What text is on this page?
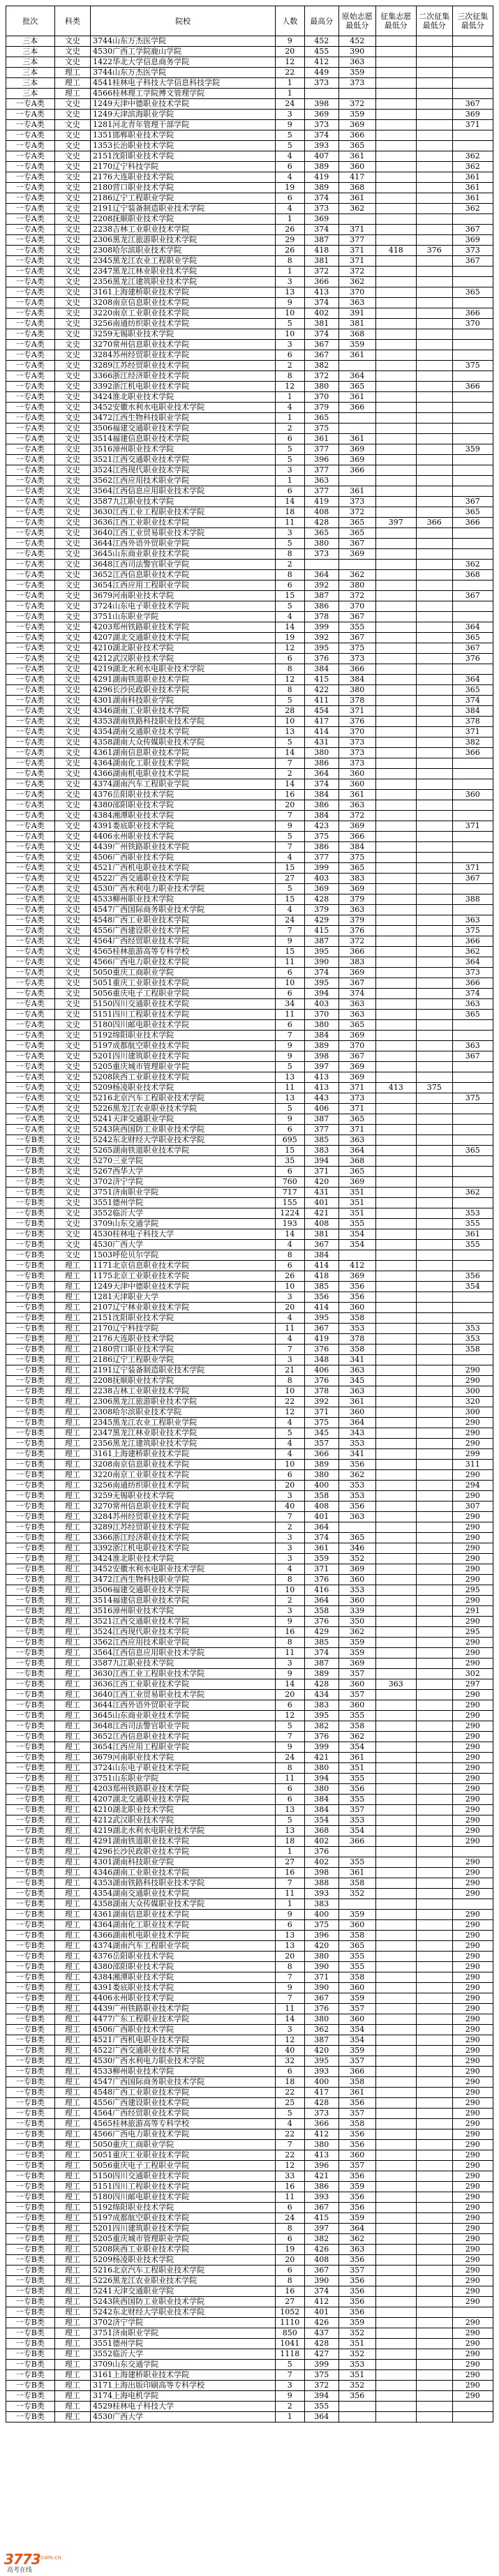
批次	科类	院校	人数	最高分	原始志愿最低分	征集志愿最低分	二次征集最低分	三次征集最低分
三本	文史	3744山东万杰医学院	9	452	452			
三本	文史	4530广西工学院鹿山学院	20	455	390			
三本	文史	1422华北大学信息商务学院	12	412	363			
三本	理工	3744山东万杰医学院	22	449	359			
三本	理工	4541桂林电子科技大学信息科技学院	1	373	373			
三本	理工	4566桂林理工学院博文管理学院	1					
一专A类	文史	1249天津中德职业技术学院	24	398	372			367
一专A类	文史	1249天津滨海职业学院	3	369	359			369
一专A类	文史	1281河北青年管理干部学院	9	373	369			371
一专A类	文史	1351邯郸职业技术学院	5	374	366			
一专A类	文史	1353长治职业技术学院	5	393	365			
一专A类	文史	2151沈阳职业技术学院	4	407	361			362
一专A类	文史	2170辽宁科技学院	6	389	360			362
一专A类	文史	2176大连职业技术学院	4	419	417			361
一专A类	文史	2180营口职业技术学院	19	389	368			361
一专A类	文史	2186辽宁工程职业学院	6	374	361			361
一专A类	文史	2191辽宁装备制造职业技术学院	4	373	362			362
一专A类	文史	2208抚顺职业技术学院	1	369				
一专A类	文史	2238吉林工业职业技术学院	26	374	371			367
一专A类	文史	2306黑龙江旅游职业技术学院	29	387	377			369
一专A类	文史	2308哈尔滨职业技术学院	26	418	371	418	376	373
一专A类	文史	2345黑龙江农业工程职业学院	8	381	371			367
一专A类	文史	2347黑龙江林业职业技术学院	1	372	372			
一专A类	文史	2356黑龙江建筑职业技术学院	3	366	362			
一专A类	文史	3161上海建桥职业技术学院	13	413	370			365
一专A类	文史	3208南京信息职业技术学院	9	374	363			
一专A类	文史	3220南京工业职业技术学院	10	402	391			366
一专A类	文史	3256南通纺织职业技术学院	5	381	381			370
一专A类	文史	3259无锡职业技术学院	10	374	368			
一专A类	文史	3270常州信息职业技术学院	3	367	359			
一专A类	文史	3284苏州经贸职业技术学院	6	367	361			
一专A类	文史	3289江苏经贸职业技术学院	2	382				375
一专A类	文史	3366浙江经济职业技术学院	8	372	364			
一专A类	文史	3392浙江机电职业技术学院	12	380	365			366
一专A类	文史	3424淮北职业技术学院	1	370	361			
一专A类	文史	3452安徽水利水电职业技术学院	4	379	366			
一专A类	文史	3472江西生物科技职业学院	1	365				
一专A类	文史	3506福建交通职业技术学院	2	375				
一专A类	文史	3514福建信息职业技术学院	6	361	361			
一专A类	文史	3516漳州职业技术学院	5	377	369			359
一专A类	文史	3521江西交通职业技术学院	5	396	369			
一专A类	文史	3524江西现代职业技术学院	3	377	366			
一专A类	文史	3562江西应用技术职业学院	1	363				
一专A类	文史	3564江西信息应用职业技术学院	6	377	361			
一专A类	文史	3587九江职业技术学院	14	419	373			367
一专A类	文史	3630江西工业工程职业技术学院	18	408	372			365
一专A类	文史	3636江西工业职业技术学院	11	428	365	397	366	366
一专A类	文史	3640江西工业贸易职业技术学院	3	365	365			
一专A类	文史	3644江西外语外贸职业学院	5	380	367			
一专A类	文史	3645山东商业职业技术学院	8	373	369			
一专A类	文史	3648江西司法警官职业学院	2					362
一专A类	文史	3652江西信息职业技术学院	8	364	362			368
一专A类	文史	3654江西应用工程职业学院	6	392	380			
一专A类	文史	3679河南职业技术学院	15	387	372			367
一专A类	文史	3724山东电子职业技术学院	5	386	370			
一专A类	文史	3751山东职业学院	4	378	367			
一专A类	文史	4203郑州铁路职业技术学院	14	399	355			364
一专A类	文史	4207湖北交通职业技术学院	19	392	367			365
一专A类	文史	4210湖北职业技术学院	12	395	375			367
一专A类	文史	4212武汉职业技术学院	6	376	373			376
一专A类	文史	4219湖北水利水电职业技术学院	8	384	366			
一专A类	文史	4291湖南铁道职业技术学院	12	415	384			364
一专A类	文史	4296长沙民政职业技术学院	8	422	380			365
一专A类	文史	4301湖南科技职业学院	5	411	378			374
一专A类	文史	4346湖南工业职业技术学院	28	454	371			384
一专A类	文史	4353湖南铁路科技职业技术学院	10	417	376			378
一专A类	文史	4354湖南交通职业技术学院	13	414	370			371
一专A类	文史	4358湖南大众传媒职业技术学院	5	431	373			382
一专A类	文史	4361湖南信息职业技术学院	14	380	373			366
一专A类	文史	4364湖南化工职业技术学院	7	386	373			
一专A类	文史	4366湖南机电职业技术学院	2	364	360			
一专A类	文史	4374湖南汽车工程职业学院	14	374	360			
一专A类	文史	4376岳阳职业技术学院	16	384	361			360
一专A类	文史	4380邵阳职业技术学院	20	386	363			
一专A类	文史	4384湘潭职业技术学院	7	384	372			
一专A类	文史	4391娄底职业技术学院	9	423	369			371
一专A类	文史	4406永州职业技术学院	5	375	366			
一专A类	文史	4439广州铁路职业技术学院	7	386	384			
一专A类	文史	4506广西职业技术学院	4	377	375			
一专A类	文史	4521广西机电职业技术学院	15	399	365			371
一专A类	文史	4522广西交通职业技术学院	27	403	383			367
一专A类	文史	4530广西水利电力职业技术学院	5	369	369			
一专A类	文史	4533柳州职业技术学院	15	428	379			388
一专A类	文史	4547广西国际商务职业技术学院	4	379	363			
一专A类	文史	4548广西工业职业技术学院	24	429	379			363
一专A类	文史	4556广西建设职业技术学院	7	415	376			375
一专A类	文史	4564广西经贸职业技术学院	9	387	372			366
一专A类	文史	4565桂林旅游高等专科学校	15	395	366			362
一专A类	文史	4566广西电力职业技术学院	11	390	383			364
一专A类	文史	5050重庆工商职业学院	6	374	369			373
一专A类	文史	5051重庆工业职业技术学院	10	395	367			366
一专A类	文史	5056重庆电子工程职业学院	6	394	374			374
一专A类	文史	5150四川交通职业技术学院	34	403	363			363
一专A类	文史	5151四川工程职业技术学院	11	370	363			365
一专A类	文史	5180四川邮电职业技术学院	6	380	365			
一专A类	文史	5192绵阳职业技术学院	7	384	369			
一专A类	文史	5197成都航空职业技术学院	9	389	370			363
一专A类	文史	5201四川建筑职业技术学院	9	398	367			367
一专A类	文史	5205重庆城市管理职业学院	5	397	369			
一专A类	文史	5208陕西工业职业技术学院	13	413	369			
一专A类	文史	5209杨凌职业技术学院	11	413	371	413	375	
一专A类	文史	5216北京汽车工程职业技术学院	13	443	373			375
一专A类	文史	5226黑龙江农业职业技术学院	5	406	371			
一专A类	文史	5241天津交通职业学院	9	387	365			
一专A类	文史	5243陕西国防工业职业技术学院	6	377	371			
一专B类	文史	5242东北财经大学职业技术学院	695	385	363			
一专B类	文史	5265湖南铁道职业技术学院	15	383	364			365
一专B类	文史	5270三亚学院	35	394	368			
一专B类	文史	5267西华大学	6	371	365			
一专B类	文史	3702济宁学院	760	420	369			
一专B类	文史	3751济南职业学院	717	431	351			362
一专B类	文史	3551德州学院	155	401	351			
一专B类	文史	3552临沂大学	1224	421	351			353
一专B类	文史	3709山东交通学院	193	408	355			355
一专B类	文史	4530桂林电子科技大学	14	381	354			361
一专B类	文史	4530广西大学	4	367	354			355
一专B类	文史	1503呼伦贝尔学院	8	384				
一专B类	理工	1171北京信息职业技术学院	6	414	412			
一专B类	理工	1175北京工业职业技术学院	26	418	369			356
一专B类	理工	1249天津中德职业技术学院	10	385	356			354
一专B类	理工	1281天津职业大学	3	356	356			
一专B类	理工	2107辽宁林业职业技术学院	20	414	360			
一专B类	理工	2151沈阳职业技术学院	4	395	358			
一专B类	理工	2170辽宁科技学院	11	367	353			353
一专B类	理工	2176大连职业技术学院	4	419	378			353
一专B类	理工	2180营口职业技术学院	7	376	358			358
一专B类	理工	2186辽宁工程职业学院	3	348	341			
一专B类	理工	2191辽宁装备制造职业技术学院	21	406	363			290
一专B类	理工	2208抚顺职业技术学院	8	376	345			290
一专B类	理工	2238吉林工业职业技术学院	10	378	363			300
一专B类	理工	2306黑龙江旅游职业技术学院	22	392	361			320
一专B类	理工	2308哈尔滨职业技术学院	12	371	360			300
一专B类	理工	2345黑龙江农业工程职业学院	4	375	364			290
一专B类	理工	2347黑龙江林业职业技术学院	5	345	343			290
一专B类	理工	2356黑龙江建筑职业技术学院	4	357	353			290
一专B类	理工	3161上海建桥职业技术学院	4	366	341			299
一专B类	理工	3208南京信息职业技术学院	10	389	356			311
一专B类	理工	3220南京工业职业技术学院	6	380	362			290
一专B类	理工	3256南通纺织职业技术学院	20	400	353			294
一专B类	理工	3259无锡职业技术学院	3	358	353			290
一专B类	理工	3270常州信息职业技术学院	40	408	356			307
一专B类	理工	3284苏州经贸职业技术学院	7	401	363			290
一专B类	理工	3289江苏经贸职业技术学院	2	364				290
一专B类	理工	3366浙江经济职业技术学院	3	374	365			290
一专B类	理工	3392浙江机电职业技术学院	3	361	346			290
一专B类	理工	3424淮北职业技术学院	3	359	352			290
一专B类	理工	3452安徽水利水电职业技术学院	4	371	369			290
一专B类	理工	3472江西生物科技职业学院	8	376	360			290
一专B类	理工	3506福建交通职业技术学院	10	416	353			295
一专B类	理工	3514福建信息职业技术学院	2	364	360			290
一专B类	理工	3516漳州职业技术学院	3	358	339			291
一专B类	理工	3521江西交通职业技术学院	9	376	350			290
一专B类	理工	3524江西现代职业技术学院	16	429	362			295
一专B类	理工	3562江西应用技术职业学院	8	385	359			290
一专B类	理工	3564江西信息应用职业技术学院	11	374	359			290
一专B类	理工	3587九江职业技术学院	3	387	369			290
一专B类	理工	3630江西工业工程职业技术学院	9	389	357			302
一专B类	理工	3636江西工业职业技术学院	14	428	360	363		297
一专B类	理工	3640江西工业贸易职业技术学院	20	434	357			290
一专B类	理工	3644江西外语外贸职业学院	6	383	360			290
一专B类	理工	3645山东商业职业技术学院	12	395	355			290
一专B类	理工	3648江西司法警官职业学院	5	382	358			290
一专B类	理工	3652江西信息职业技术学院	7	376	362			290
一专B类	理工	3654江西应用工程职业学院	9	399	354			290
一专B类	理工	3679河南职业技术学院	24	421	361			290
一专B类	理工	3724山东电子职业技术学院	8	380	351			290
一专B类	理工	3751山东职业学院	11	394	355			290
一专B类	理工	4203郑州铁路职业技术学院	6	380	356			290
一专B类	理工	4207湖北交通职业技术学院	6	384	355			290
一专B类	理工	4210湖北职业技术学院	13	384	357			290
一专B类	理工	4212武汉职业技术学院	5	354	353			290
一专B类	理工	4219湖北水利水电职业技术学院	13	368	354			290
一专B类	理工	4291湖南铁道职业技术学院	18	402	366			290
一专B类	理工	4296长沙民政职业技术学院	1	376				
一专B类	理工	4301湖南科技职业学院	27	402	355			290
一专B类	理工	4346湖南工业职业技术学院	16	398	361			290
一专B类	理工	4353湖南铁路科技职业技术学院	7	388	358			290
一专B类	理工	4354湖南交通职业技术学院	11	393	352			290
一专B类	理工	4358湖南大众传媒职业技术学院	1	383				
一专B类	理工	4361湖南信息职业技术学院	9	400	359			290
一专B类	理工	4364湖南化工职业技术学院	6	375	360			290
一专B类	理工	4366湖南机电职业技术学院	13	396	358			290
一专B类	理工	4374湖南汽车工程职业学院	13	420	365			290
一专B类	理工	4376岳阳职业技术学院	20	380	355			290
一专B类	理工	4380邵阳职业技术学院	8	390	355			290
一专B类	理工	4384湘潭职业技术学院	7	371	358			290
一专B类	理工	4391娄底职业技术学院	9	390	360			290
一专B类	理工	4406永州职业技术学院	7	367	359			290
一专B类	理工	4439广州铁路职业技术学院	11	376	357			290
一专B类	理工	4477广东工程职业技术学院	14	380	360			290
一专B类	理工	4506广西职业技术学院	3	362	354			290
一专B类	理工	4521广西机电职业技术学院	12	387	354			290
一专B类	理工	4522广西交通职业技术学院	40	420	359			290
一专B类	理工	4530广西水利电力职业技术学院	32	395	357			290
一专B类	理工	4533柳州职业技术学院	6	393	366			290
一专B类	理工	4547广西国际商务职业技术学院	18	400	358			290
一专B类	理工	4548广西工业职业技术学院	22	417	361			290
一专B类	理工	4556广西建设职业技术学院	25	428	356			290
一专B类	理工	4564广西经贸职业技术学院	5	373	357			290
一专B类	理工	4565桂林旅游高等专科学校	4	366	358			290
一专B类	理工	4566广西电力职业技术学院	22	412	356			290
一专B类	理工	5050重庆工商职业学院	7	380	356			290
一专B类	理工	5051重庆工业职业技术学院	22	413	360			290
一专B类	理工	5056重庆电子工程职业学院	12	396	357			290
一专B类	理工	5150四川交通职业技术学院	33	421	356			290
一专B类	理工	5151四川工程职业技术学院	16	386	359			290
一专B类	理工	5180四川邮电职业技术学院	11	393	356			290
一专B类	理工	5192绵阳职业技术学院	6	367	356			290
一专B类	理工	5197成都航空职业技术学院	24	415	359			290
一专B类	理工	5201四川建筑职业技术学院	8	397	364			290
一专B类	理工	5205重庆城市管理职业学院	6	382	362			290
一专B类	理工	5208陕西工业职业技术学院	19	426	363			290
一专B类	理工	5209杨凌职业技术学院	20	408	356			290
一专B类	理工	5216北京汽车工程职业技术学院	6	367	357			290
一专B类	理工	5226黑龙江农业职业技术学院	8	390	356			290
一专B类	理工	5241天津交通职业学院	16	374	356			290
一专B类	理工	5243陕西国防工业职业技术学院	27	412	356			290
一专B类	理工	5242东北财经大学职业技术学院	1052	401	356			
一专B类	理工	3702济宁学院	1110	426	359			290
一专B类	理工	3751济南职业学院	850	437	352			290
一专B类	理工	3551德州学院	1041	428	351			290
一专B类	理工	3552临沂大学	1118	427	352			290
一专B类	理工	3709山东交通学院	5	399	353			290
一专B类	理工	3161上海建桥职业技术学院	7	375	351			290
一专B类	理工	3171上海出版印刷高等专科学校	3	372	352			290
一专B类	理工	3174上海电机学院	9	394	356			290
一专B类	理工	4529桂林电子科技大学	2	355				
一专B类	理工	4530广西大学	1	364				
3773
.com.cn
高考在线
